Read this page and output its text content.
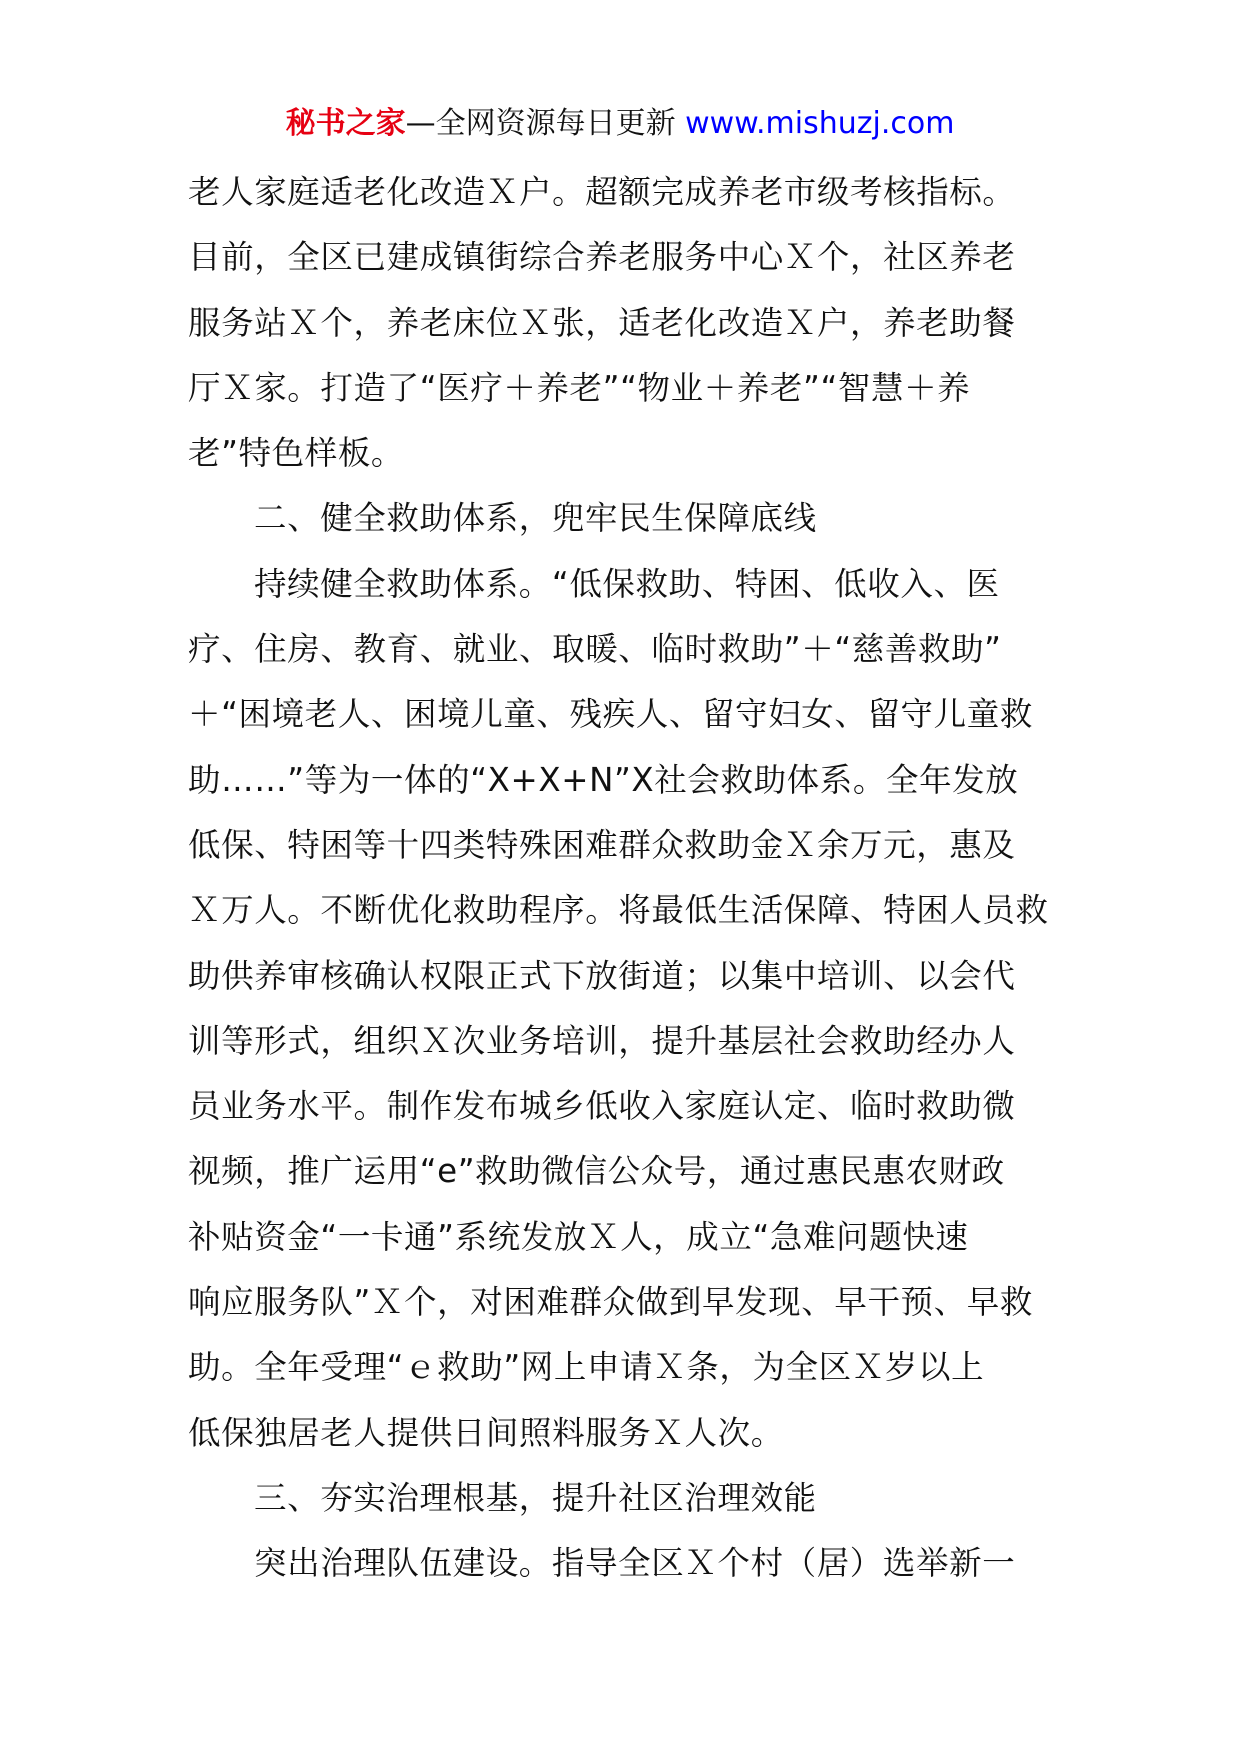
秘书之家—全网资源每日更新 www.mishuzj.com
老人家庭适老化改造Ｘ户。超额完成养老市级考核指标。
目前，全区已建成镇街综合养老服务中心Ｘ个，社区养老
服务站Ｘ个，养老床位Ｘ张，适老化改造Ｘ户，养老助餐
厅Ｘ家。打造了“医疗＋养老”“物业＋养老”“智慧＋养
老”特色样板。
二、健全救助体系，兜牢民生保障底线
持续健全救助体系。“低保救助、特困、低收入、医
疗、住房、教育、就业、取暖、临时救助”＋“慈善救助”
＋“困境老人、困境儿童、残疾人、留守妇女、留守儿童救
助……”等为一体的“X+X+N”X社会救助体系。全年发放
低保、特困等十四类特殊困难群众救助金Ｘ余万元，惠及
Ｘ万人。不断优化救助程序。将最低生活保障、特困人员救
助供养审核确认权限正式下放街道；以集中培训、以会代
训等形式，组织Ｘ次业务培训，提升基层社会救助经办人
员业务水平。制作发布城乡低收入家庭认定、临时救助微
视频，推广运用“e”救助微信公众号，通过惠民惠农财政
补贴资金“一卡通”系统发放Ｘ人，成立“急难问题快速
响应服务队”Ｘ个，对困难群众做到早发现、早干预、早救
助。全年受理“ｅ救助”网上申请Ｘ条，为全区Ｘ岁以上
低保独居老人提供日间照料服务Ｘ人次。
三、夯实治理根基，提升社区治理效能
突出治理队伍建设。指导全区Ｘ个村（居）选举新一
